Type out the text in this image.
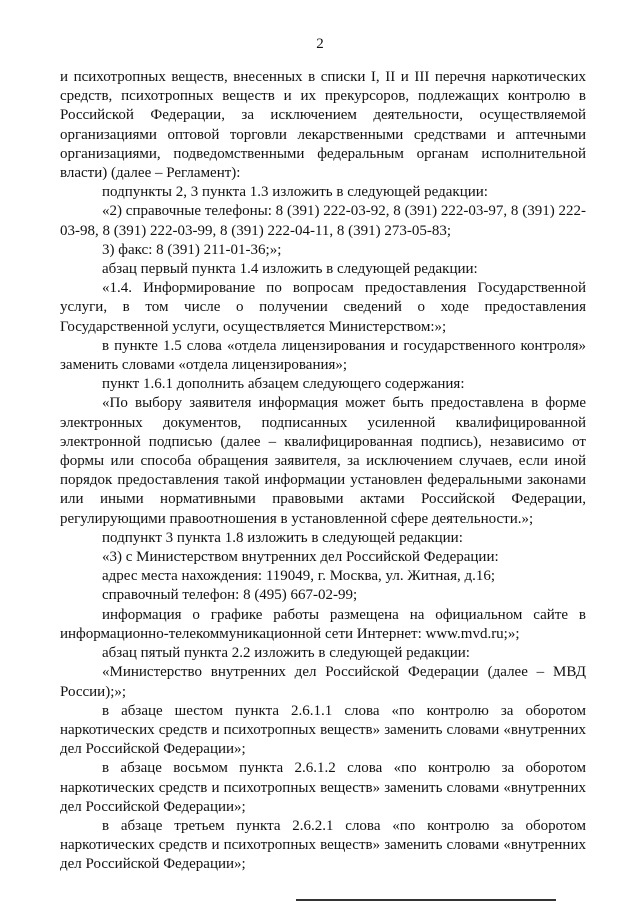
2

и психотропных веществ, внесенных в списки I, II и III перечня наркотических средств, психотропных веществ и их прекурсоров, подлежащих контролю в Российской Федерации, за исключением деятельности, осуществляемой организациями оптовой торговли лекарственными средствами и аптечными организациями, подведомственными федеральным органам исполнительной власти) (далее – Регламент):

подпункты 2, 3 пункта 1.3 изложить в следующей редакции:

«2) справочные телефоны: 8 (391) 222-03-92, 8 (391) 222-03-97, 8 (391) 222-03-98, 8 (391) 222-03-99, 8 (391) 222-04-11, 8 (391) 273-05-83;

3) факс: 8 (391) 211-01-36;»;

абзац первый пункта 1.4 изложить в следующей редакции:

«1.4. Информирование по вопросам предоставления Государственной услуги, в том числе о получении сведений о ходе предоставления Государственной услуги, осуществляется Министерством:»;

в пункте 1.5 слова «отдела лицензирования и государственного контроля» заменить словами «отдела лицензирования»;

пункт 1.6.1 дополнить абзацем следующего содержания:

«По выбору заявителя информация может быть предоставлена в форме электронных документов, подписанных усиленной квалифицированной электронной подписью (далее – квалифицированная подпись), независимо от формы или способа обращения заявителя, за исключением случаев, если иной порядок предоставления такой информации установлен федеральными законами или иными нормативными правовыми актами Российской Федерации, регулирующими правоотношения в установленной сфере деятельности.»;

подпункт 3 пункта 1.8 изложить в следующей редакции:

«3) с Министерством внутренних дел Российской Федерации:

адрес места нахождения: 119049, г. Москва, ул. Житная, д.16;

справочный телефон: 8 (495) 667-02-99;

информация о графике работы размещена на официальном сайте в информационно-телекоммуникационной сети Интернет: www.mvd.ru;»;

абзац пятый пункта 2.2 изложить в следующей редакции:

«Министерство внутренних дел Российской Федерации (далее – МВД России);»;

в абзаце шестом пункта 2.6.1.1 слова «по контролю за оборотом наркотических средств и психотропных веществ» заменить словами «внутренних дел Российской Федерации»;

в абзаце восьмом пункта 2.6.1.2 слова «по контролю за оборотом наркотических средств и психотропных веществ» заменить словами «внутренних дел Российской Федерации»;

в абзаце третьем пункта 2.6.2.1 слова «по контролю за оборотом наркотических средств и психотропных веществ» заменить словами «внутренних дел Российской Федерации»;
